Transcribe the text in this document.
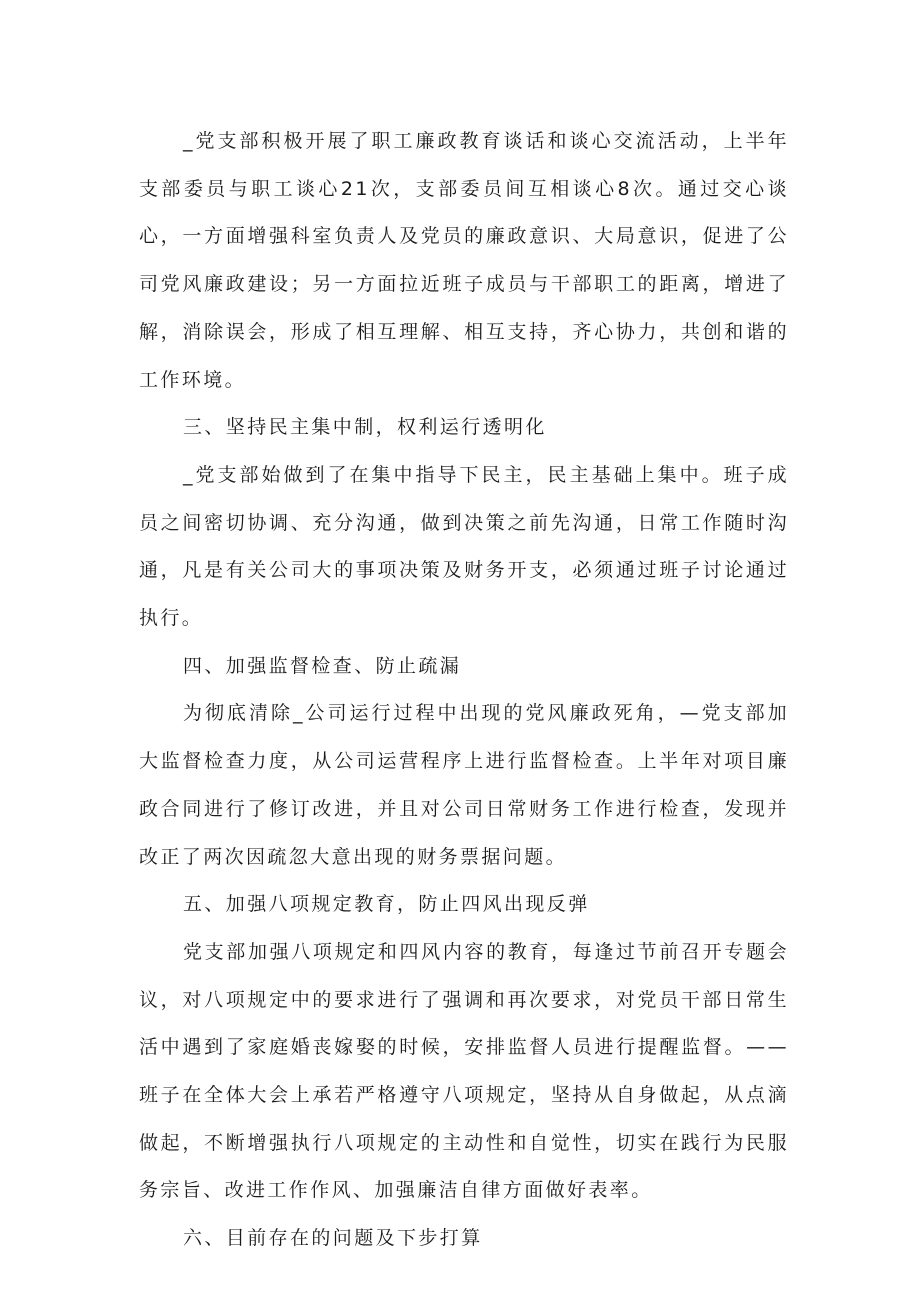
_党支部积极开展了职工廉政教育谈话和谈心交流活动，上半年支部委员与职工谈心21次，支部委员间互相谈心8次。通过交心谈心，一方面增强科室负责人及党员的廉政意识、大局意识，促进了公司党风廉政建设；另一方面拉近班子成员与干部职工的距离，增进了解，消除误会，形成了相互理解、相互支持，齐心协力，共创和谐的工作环境。

三、坚持民主集中制，权利运行透明化

_党支部始做到了在集中指导下民主，民主基础上集中。班子成员之间密切协调、充分沟通，做到决策之前先沟通，日常工作随时沟通，凡是有关公司大的事项决策及财务开支，必须通过班子讨论通过执行。

四、加强监督检查、防止疏漏

为彻底清除_公司运行过程中出现的党风廉政死角，—党支部加大监督检查力度，从公司运营程序上进行监督检查。上半年对项目廉政合同进行了修订改进，并且对公司日常财务工作进行检查，发现并改正了两次因疏忽大意出现的财务票据问题。

五、加强八项规定教育，防止四风出现反弹

党支部加强八项规定和四风内容的教育，每逢过节前召开专题会议，对八项规定中的要求进行了强调和再次要求，对党员干部日常生活中遇到了家庭婚丧嫁娶的时候，安排监督人员进行提醒监督。——班子在全体大会上承若严格遵守八项规定，坚持从自身做起，从点滴做起，不断增强执行八项规定的主动性和自觉性，切实在践行为民服务宗旨、改进工作作风、加强廉洁自律方面做好表率。

六、目前存在的问题及下步打算
